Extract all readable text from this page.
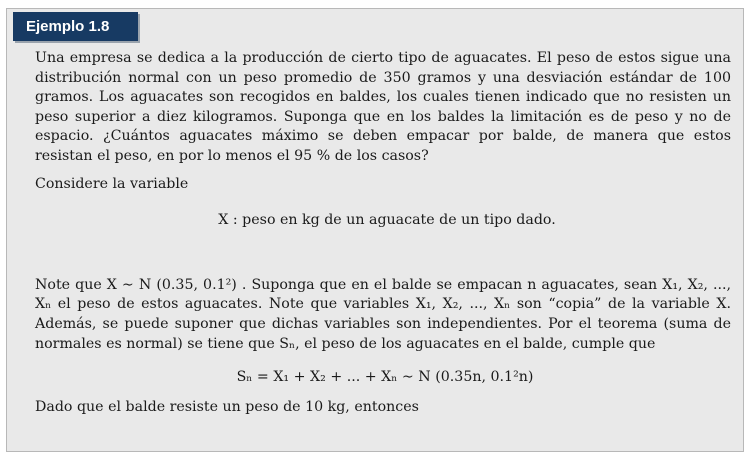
Ejemplo 1.8

Una empresa se dedica a la producción de cierto tipo de aguacates. El peso de estos sigue una distribución normal con un peso promedio de 350 gramos y una desviación estándar de 100 gramos. Los aguacates son recogidos en baldes, los cuales tienen indicado que no resisten un peso superior a diez kilogramos. Suponga que en los baldes la limitación es de peso y no de espacio. ¿Cuántos aguacates máximo se deben empacar por balde, de manera que estos resistan el peso, en por lo menos el 95 % de los casos?

Considere la variable

X : peso en kg de un aguacate de un tipo dado.

Note que X ∼ N (0.35, 0.1²) . Suponga que en el balde se empacan n aguacates, sean X₁, X₂, ..., Xₙ el peso de estos aguacates. Note que variables X₁, X₂, ..., Xₙ son “copia” de la variable X. Además, se puede suponer que dichas variables son independientes. Por el teorema (suma de normales es normal) se tiene que Sₙ, el peso de los aguacates en el balde, cumple que

Sₙ = X₁ + X₂ + ... + Xₙ ∼ N (0.35n, 0.1²n)

Dado que el balde resiste un peso de 10 kg, entonces
